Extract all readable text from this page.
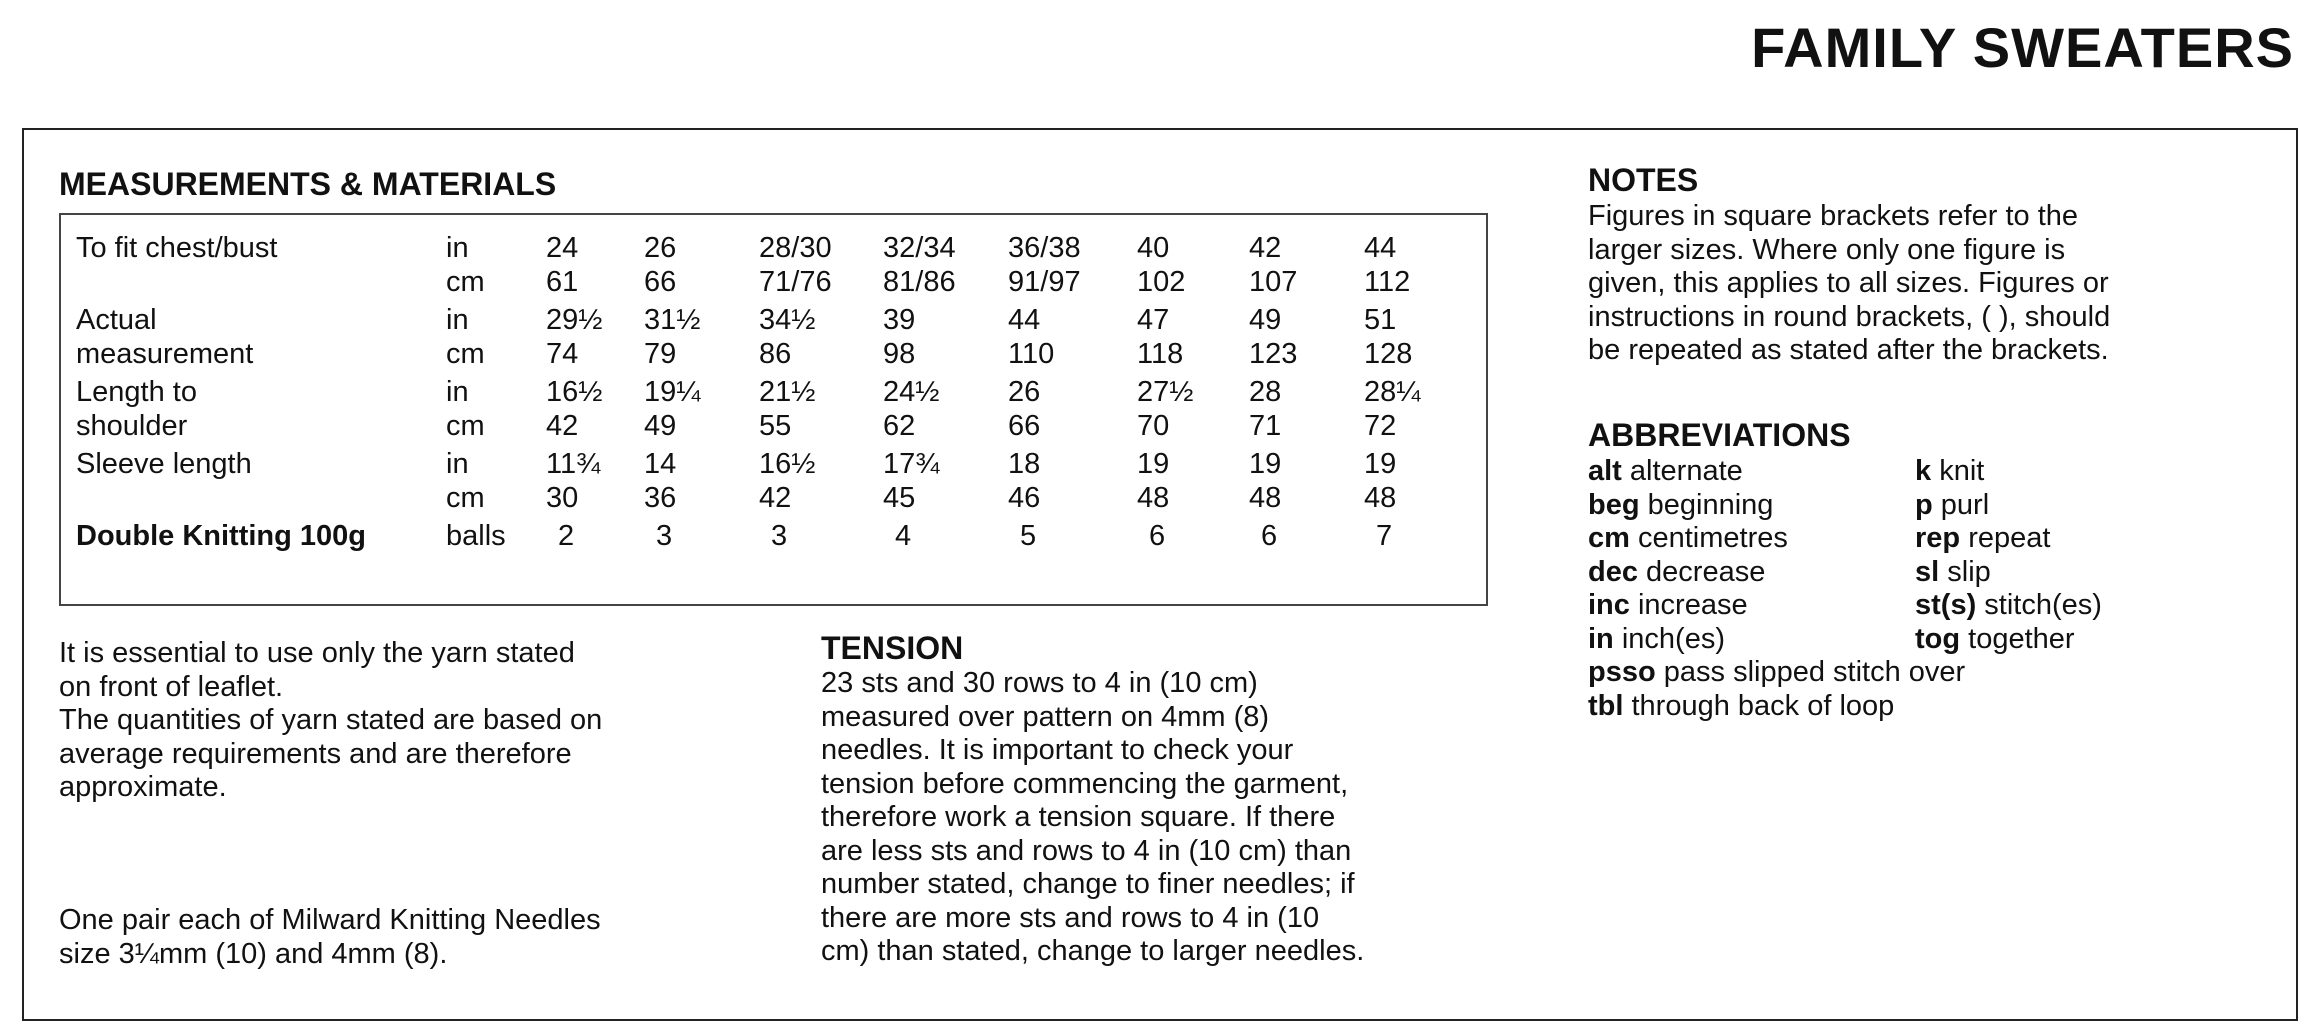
FAMILY SWEATERS
MEASUREMENTS & MATERIALS
To fit chest/bust	in	24	26	28/30	32/34	36/38	40	42	44	
	cm	61	66	71/76	81/86	91/97	102	107	112	
Actual	in	29½	31½	34½	39	44	47	49	51	
measurement	cm	74	79	86	98	110	118	123	128	
Length to	in	16½	19¼	21½	24½	26	27½	28	28¼	
shoulder	cm	42	49	55	62	66	70	71	72	
Sleeve length	in	11¾	14	16½	17¾	18	19	19	19	
	cm	30	36	42	45	46	48	48	48	
Double Knitting 100g	balls	2	3	3	4	5	6	6	7	
It is essential to use only the yarn stated
on front of leaflet.
The quantities of yarn stated are based on
average requirements and are therefore
approximate.
One pair each of Milward Knitting Needles
size 3¼mm (10) and 4mm (8).
TENSION
23 sts and 30 rows to 4 in (10 cm)
measured over pattern on 4mm (8)
needles. It is important to check your
tension before commencing the garment,
therefore work a tension square. If there
are less sts and rows to 4 in (10 cm) than
number stated, change to finer needles; if
there are more sts and rows to 4 in (10
cm) than stated, change to larger needles.
NOTES
Figures in square brackets refer to the
larger sizes. Where only one figure is
given, this applies to all sizes. Figures or
instructions in round brackets, ( ), should
be repeated as stated after the brackets.
ABBREVIATIONS
alt alternate	k knit
beg beginning	p purl
cm centimetres	rep repeat
dec decrease	sl slip
inc increase	st(s) stitch(es)
in inch(es)	tog together
psso pass slipped stitch over
tbl through back of loop
